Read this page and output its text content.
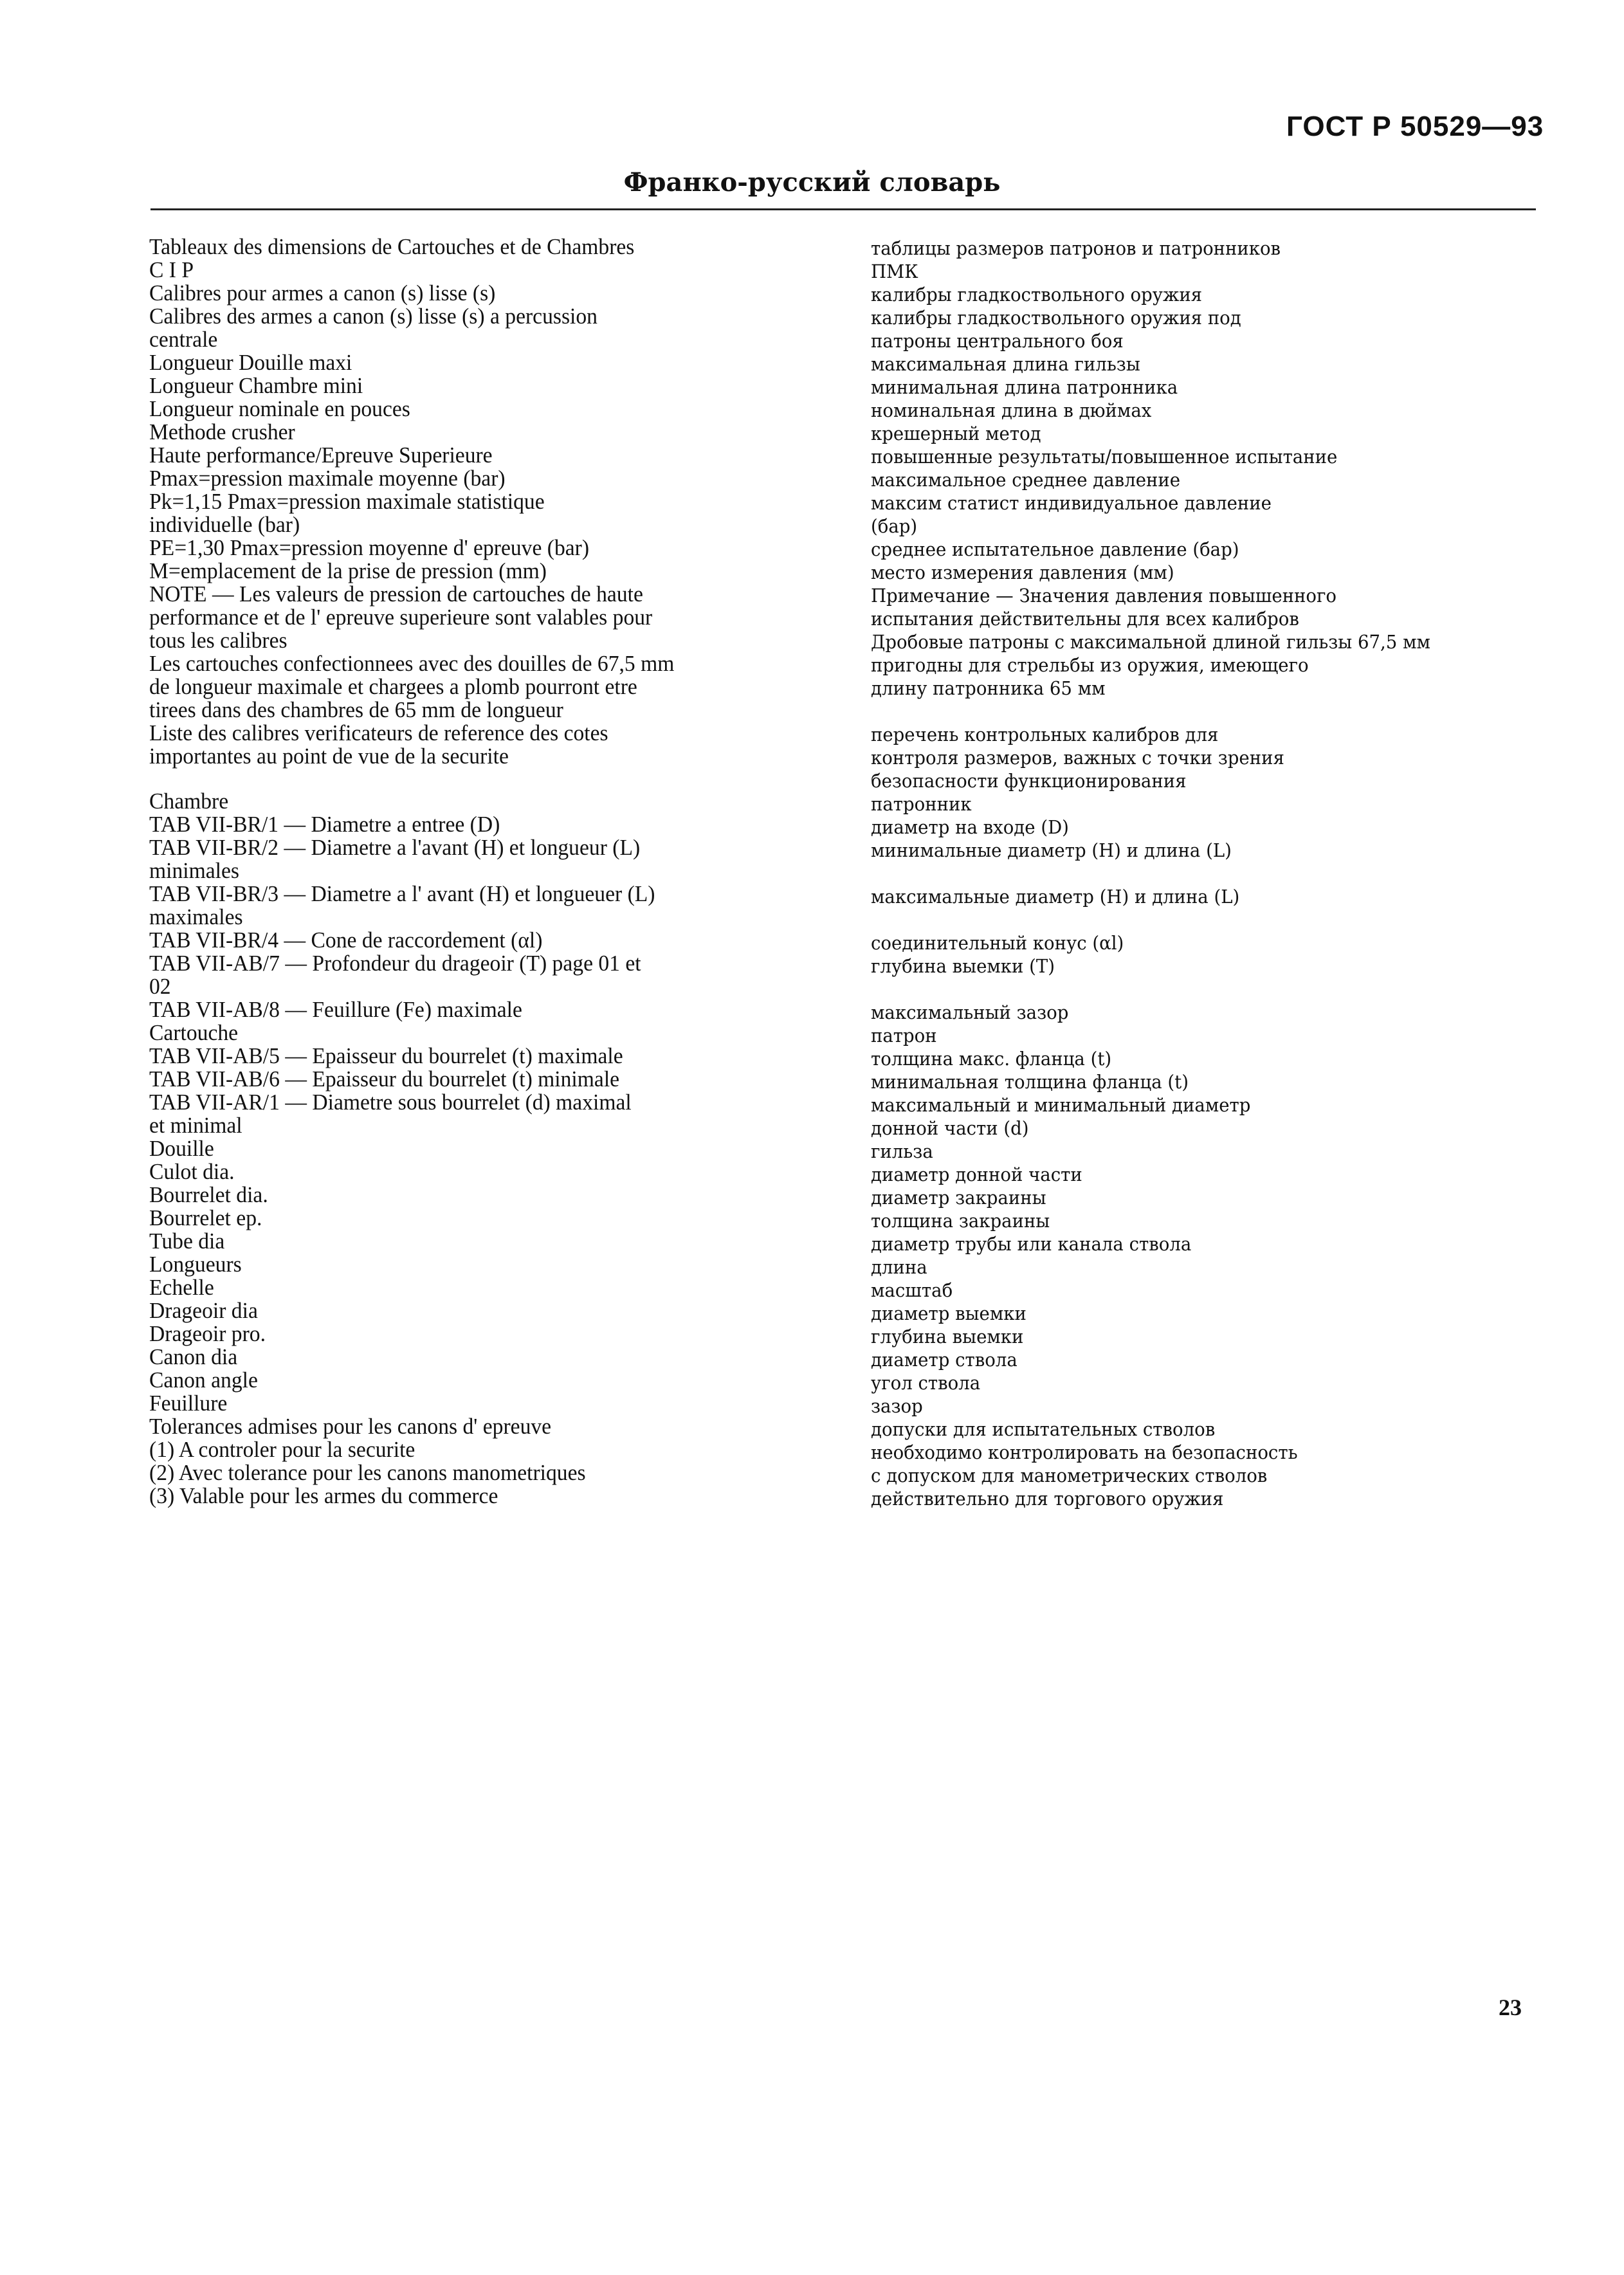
ГОСТ Р 50529—93
Франко-русский словарь
Tableaux des dimensions de Cartouches et de Chambres
C I P
Calibres pour armes a canon (s) lisse (s)
Calibres des armes a canon (s) lisse (s) a percussion
centrale
Longueur Douille maxi
Longueur Chambre mini
Longueur nominale en pouces
Methode crusher
Haute performance/Epreuve Superieure
Pmax=pression maximale moyenne (bar)
Pk=1,15 Pmax=pression maximale statistique
individuelle (bar)
PE=1,30 Pmax=pression moyenne d' epreuve (bar)
M=emplacement de la prise de pression (mm)
NOTE — Les valeurs de pression de cartouches de haute
performance et de l' epreuve superieure sont valables pour
tous les calibres
Les cartouches confectionnees avec des douilles de 67,5 mm
de longueur maximale et chargees a plomb pourront etre
tirees dans des chambres de 65 mm de longueur
Liste des calibres verificateurs de reference des cotes
importantes au point de vue de la securite
Chambre
TAB VII-BR/1 — Diametre a entree (D)
TAB VII-BR/2 — Diametre a l'avant (H) et longueur (L)
minimales
TAB VII-BR/3 — Diametre a l' avant (H) et longueuer (L)
maximales
TAB VII-BR/4 — Cone de raccordement (αl)
TAB VII-AB/7 — Profondeur du drageoir (T) page 01 et
02
TAB VII-AB/8 — Feuillure (Fe) maximale
Cartouche
TAB VII-AB/5 — Epaisseur du bourrelet (t) maximale
TAB VII-AB/6 — Epaisseur du bourrelet (t) minimale
TAB VII-AR/1 — Diametre sous bourrelet (d) maximal
et minimal
Douille
Culot dia.
Bourrelet dia.
Bourrelet ep.
Tube dia
Longueurs
Echelle
Drageoir dia
Drageoir pro.
Canon dia
Canon angle
Feuillure
Tolerances admises pour les canons d' epreuve
(1) A controler pour la securite
(2) Avec tolerance pour les canons manometriques
(3) Valable pour les armes du commerce
таблицы размеров патронов и патронников
ПМК
калибры гладкоствольного оружия
калибры гладкоствольного оружия под
патроны центрального боя
максимальная длина гильзы
минимальная длина патронника
номинальная длина в дюймах
крешерный метод
повышенные результаты/повышенное испытание
максимальное среднее давление
максим статист индивидуальное давление
(бар)
среднее испытательное давление (бар)
место измерения давления (мм)
Примечание — Значения давления повышенного
испытания действительны для всех калибров
Дробовые патроны с максимальной длиной гильзы 67,5 мм
пригодны для стрельбы из оружия, имеющего
длину патронника 65 мм
перечень контрольных калибров для
контроля размеров, важных с точки зрения
безопасности функционирования
патронник
диаметр на входе (D)
минимальные диаметр (Н) и длина (L)
максимальные диаметр (Н) и длина (L)
соединительный конус (αl)
глубина выемки (Т)
максимальный зазор
патрон
толщина макс. фланца (t)
минимальная толщина фланца (t)
максимальный и минимальный диаметр
донной части (d)
гильза
диаметр донной части
диаметр закраины
толщина закраины
диаметр трубы или канала ствола
длина
масштаб
диаметр выемки
глубина выемки
диаметр ствола
угол ствола
зазор
допуски для испытательных стволов
необходимо контролировать на безопасность
с допуском для манометрических стволов
действительно для торгового оружия
23
